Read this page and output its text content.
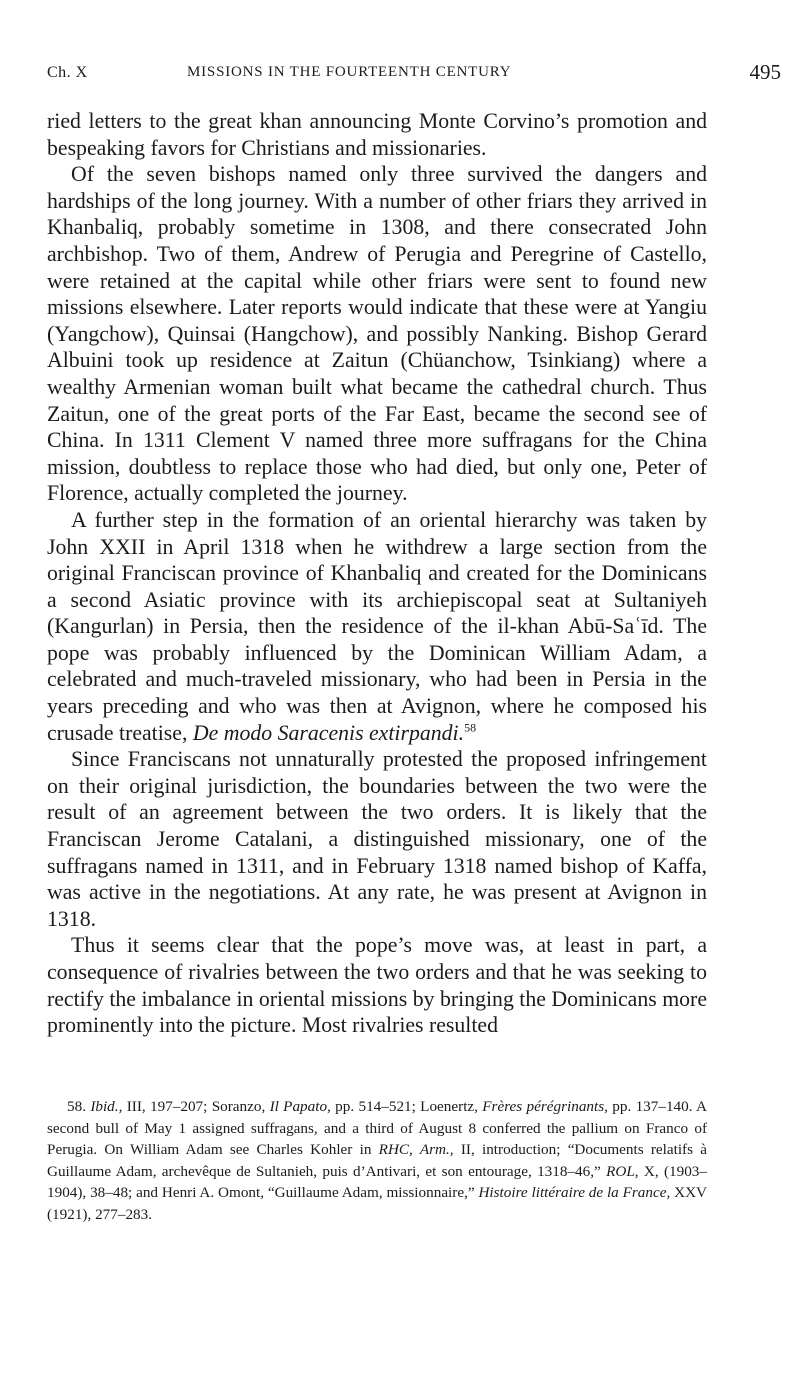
Ch. X	MISSIONS IN THE FOURTEENTH CENTURY	495

ried letters to the great khan announcing Monte Corvino’s promotion and bespeaking favors for Christians and missionaries.

Of the seven bishops named only three survived the dangers and hardships of the long journey. With a number of other friars they arrived in Khanbaliq, probably sometime in 1308, and there consecrated John archbishop. Two of them, Andrew of Perugia and Peregrine of Castello, were retained at the capital while other friars were sent to found new missions elsewhere. Later reports would indicate that these were at Yangiu (Yangchow), Quinsai (Hangchow), and possibly Nanking. Bishop Gerard Albuini took up residence at Zaitun (Chüanchow, Tsinkiang) where a wealthy Armenian woman built what became the cathedral church. Thus Zaitun, one of the great ports of the Far East, became the second see of China. In 1311 Clement V named three more suffragans for the China mission, doubtless to replace those who had died, but only one, Peter of Florence, actually completed the journey.

A further step in the formation of an oriental hierarchy was taken by John XXII in April 1318 when he withdrew a large section from the original Franciscan province of Khanbaliq and created for the Dominicans a second Asiatic province with its archiepiscopal seat at Sultaniyeh (Kangurlan) in Persia, then the residence of the il-khan Abū-Saʿīd. The pope was probably influenced by the Dominican William Adam, a celebrated and much-traveled missionary, who had been in Persia in the years preceding and who was then at Avignon, where he composed his crusade treatise, De modo Saracenis extirpandi.$^{58}$

Since Franciscans not unnaturally protested the proposed infringement on their original jurisdiction, the boundaries between the two were the result of an agreement between the two orders. It is likely that the Franciscan Jerome Catalani, a distinguished missionary, one of the suffragans named in 1311, and in February 1318 named bishop of Kaffa, was active in the negotiations. At any rate, he was present at Avignon in 1318.

Thus it seems clear that the pope’s move was, at least in part, a consequence of rivalries between the two orders and that he was seeking to rectify the imbalance in oriental missions by bringing the Dominicans more prominently into the picture. Most rivalries resulted

58. Ibid., III, 197–207; Soranzo, Il Papato, pp. 514–521; Loenertz, Frères pérégrinants, pp. 137–140. A second bull of May 1 assigned suffragans, and a third of August 8 conferred the pallium on Franco of Perugia. On William Adam see Charles Kohler in RHC, Arm., II, introduction; “Documents relatifs à Guillaume Adam, archevêque de Sultanieh, puis d’Antivari, et son entourage, 1318–46,” ROL, X, (1903–1904), 38–48; and Henri A. Omont, “Guillaume Adam, missionnaire,” Histoire littéraire de la France, XXV (1921), 277–283.
